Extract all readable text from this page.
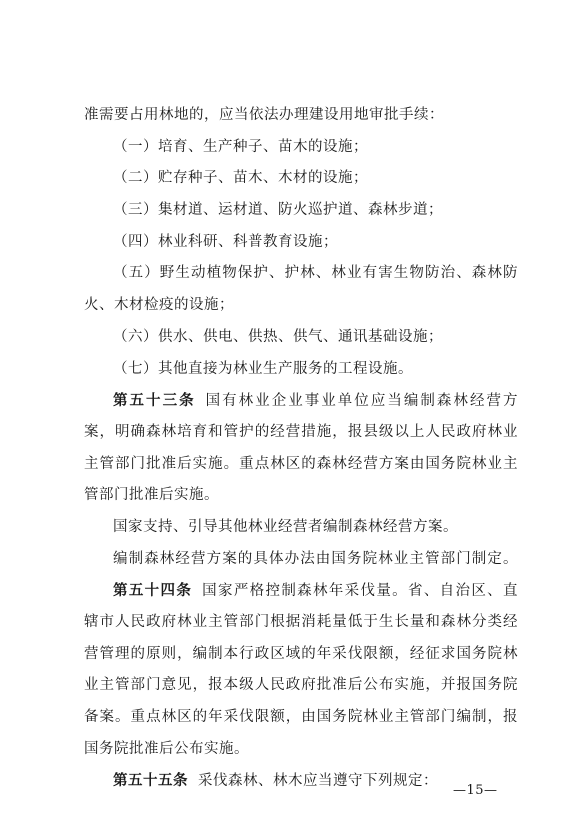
准需要占用林地的，应当依法办理建设用地审批手续：
（一）培育、生产种子、苗木的设施；
（二）贮存种子、苗木、木材的设施；
（三）集材道、运材道、防火巡护道、森林步道；
（四）林业科研、科普教育设施；
（五）野生动植物保护、护林、林业有害生物防治、森林防
火、木材检疫的设施；
（六）供水、供电、供热、供气、通讯基础设施；
（七）其他直接为林业生产服务的工程设施。
第五十三条 国有林业企业事业单位应当编制森林经营方
案，明确森林培育和管护的经营措施，报县级以上人民政府林业
主管部门批准后实施。重点林区的森林经营方案由国务院林业主
管部门批准后实施。
国家支持、引导其他林业经营者编制森林经营方案。
编制森林经营方案的具体办法由国务院林业主管部门制定。
第五十四条 国家严格控制森林年采伐量。省、自治区、直
辖市人民政府林业主管部门根据消耗量低于生长量和森林分类经
营管理的原则，编制本行政区域的年采伐限额，经征求国务院林
业主管部门意见，报本级人民政府批准后公布实施，并报国务院
备案。重点林区的年采伐限额，由国务院林业主管部门编制，报
国务院批准后公布实施。
第五十五条 采伐森林、林木应当遵守下列规定：
—15—
